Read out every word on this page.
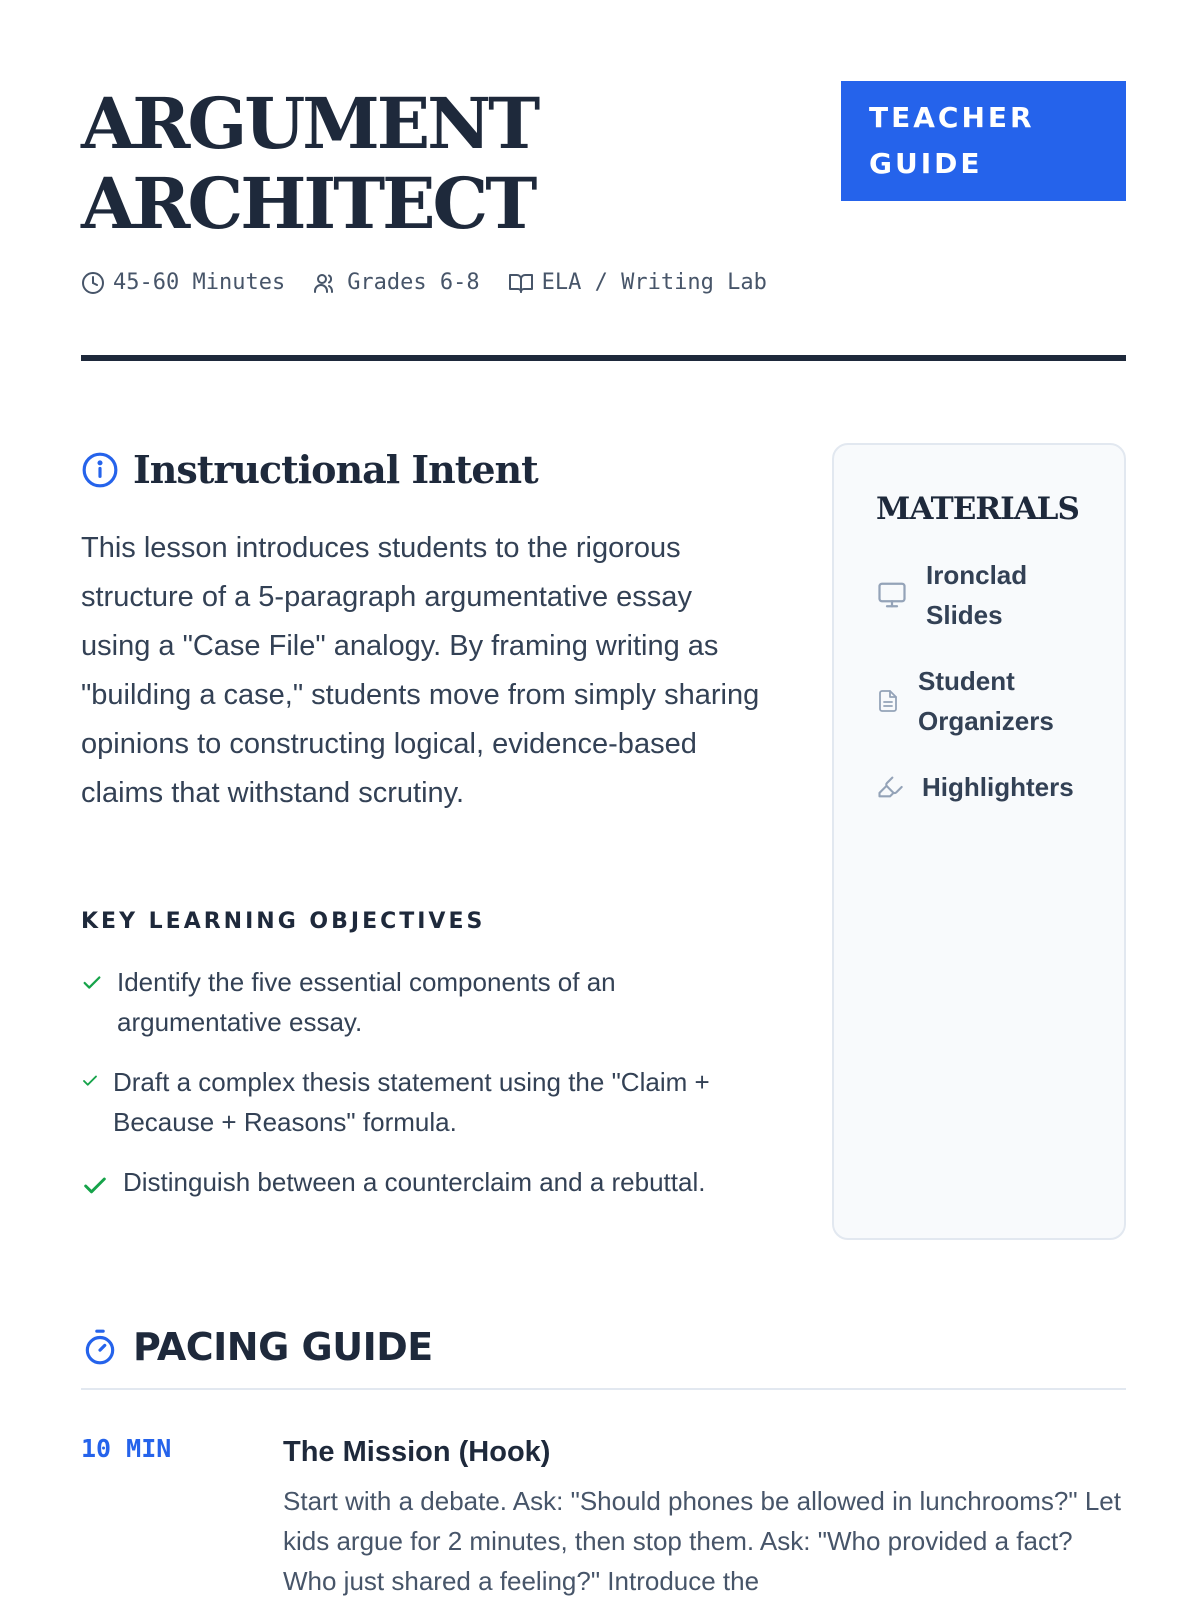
ARGUMENT
ARCHITECT
TEACHER
GUIDE
45-60 Minutes	Grades 6-8	ELA / Writing Lab
Instructional Intent

This lesson introduces students to the rigorous structure of a 5-paragraph argumentative essay using a "Case File" analogy. By framing writing as "building a case," students move from simply sharing opinions to constructing logical, evidence-based claims that withstand scrutiny.

KEY LEARNING OBJECTIVES
Identify the five essential components of an argumentative essay.
Draft a complex thesis statement using the "Claim + Because + Reasons" formula.
Distinguish between a counterclaim and a rebuttal.
MATERIALS
Ironclad Slides
Student Organizers
Highlighters
PACING GUIDE
10 MIN	The Mission (Hook)

Start with a debate. Ask: "Should phones be allowed in lunchrooms?" Let kids argue for 2 minutes, then stop them. Ask: "Who provided a fact? Who just shared a feeling?" Introduce the
